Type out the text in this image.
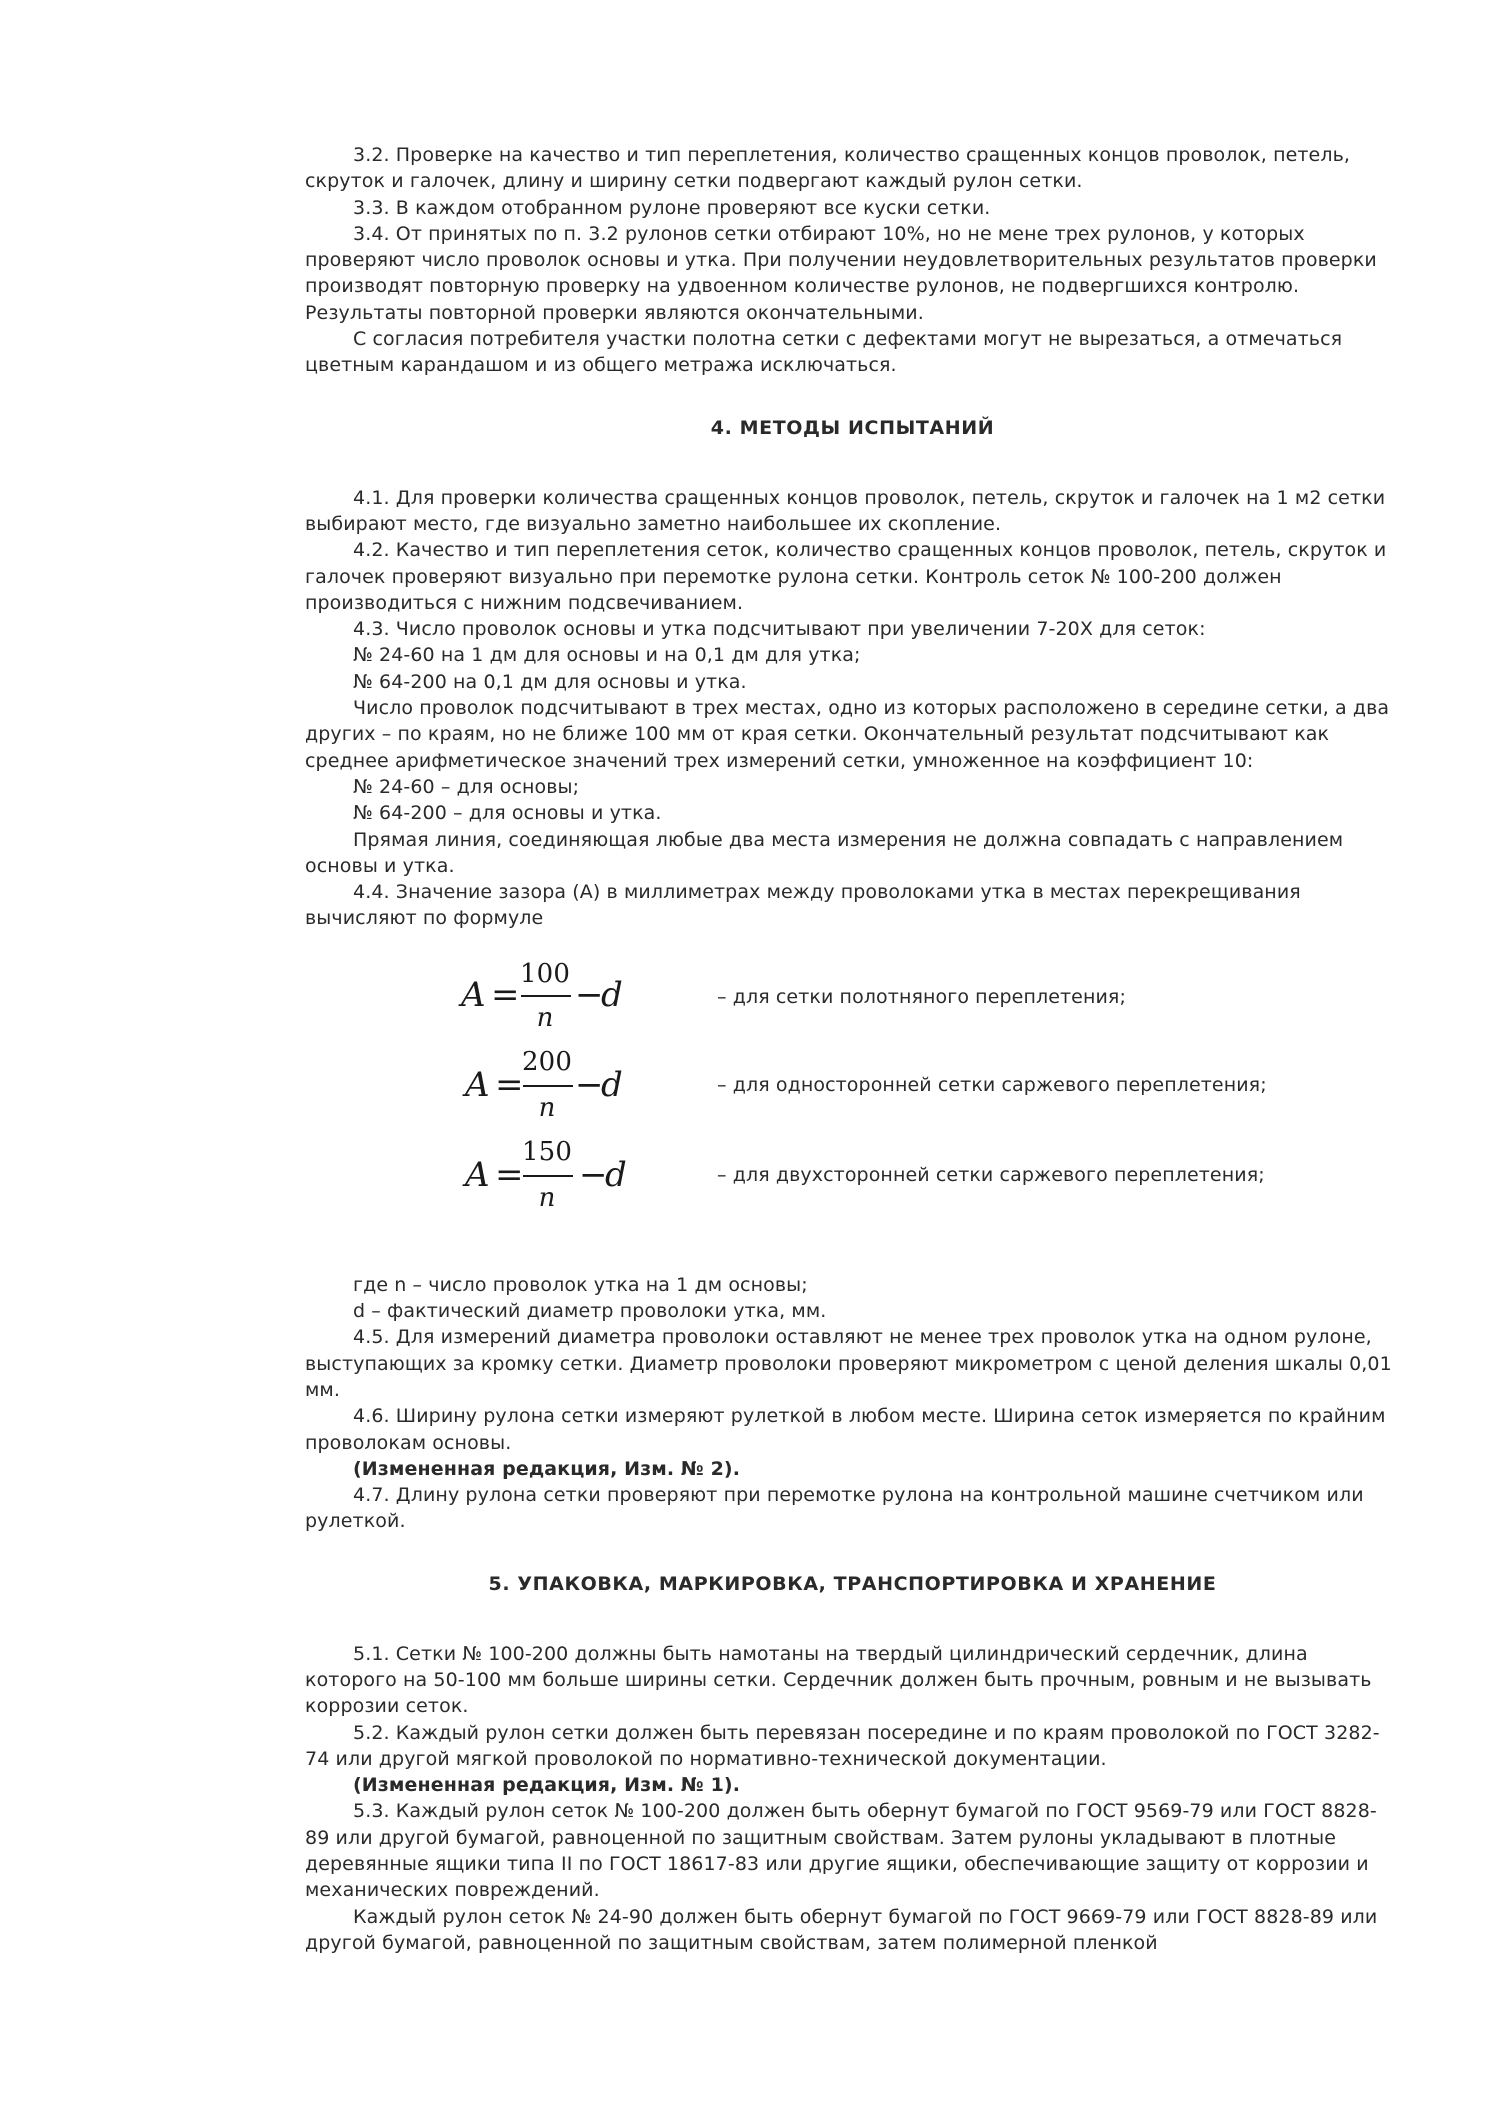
3.2. Проверке на качество и тип переплетения, количество сращенных концов проволок, петель, скруток и галочек, длину и ширину сетки подвергают каждый рулон сетки.

3.3. В каждом отобранном рулоне проверяют все куски сетки.

3.4. От принятых по п. 3.2 рулонов сетки отбирают 10%, но не мене трех рулонов, у которых проверяют число проволок основы и утка. При получении неудовлетворительных результатов проверки производят повторную проверку на удвоенном количестве рулонов, не подвергшихся контролю. Результаты повторной проверки являются окончательными.

С согласия потребителя участки полотна сетки с дефектами могут не вырезаться, а отмечаться цветным карандашом и из общего метража исключаться.

4. МЕТОДЫ ИСПЫТАНИЙ

4.1. Для проверки количества сращенных концов проволок, петель, скруток и галочек на 1 м2 сетки выбирают место, где визуально заметно наибольшее их скопление.

4.2. Качество и тип переплетения сеток, количество сращенных концов проволок, петель, скруток и галочек проверяют визуально при перемотке рулона сетки. Контроль сеток № 100-200 должен производиться с нижним подсвечиванием.

4.3. Число проволок основы и утка подсчитывают при увеличении 7-20Х для сеток:

№ 24-60 на 1 дм для основы и на 0,1 дм для утка;

№ 64-200 на 0,1 дм для основы и утка.

Число проволок подсчитывают в трех местах, одно из которых расположено в середине сетки, а два других – по краям, но не ближе 100 мм от края сетки. Окончательный результат подсчитывают как среднее арифметическое значений трех измерений сетки, умноженное на коэффициент 10:

№ 24-60 – для основы;

№ 64-200 – для основы и утка.

Прямая линия, соединяющая любые два места измерения не должна совпадать с направлением основы и утка.

4.4. Значение зазора (А) в миллиметрах между проволоками утка в местах перекрещивания вычисляют по формуле

A =
100
n
−
d	– для сетки полотняного переплетения;
A =
200
n
−
d	– для односторонней сетки саржевого переплетения;
A =
150
n
−
d	– для двухсторонней сетки саржевого переплетения;

где n – число проволок утка на 1 дм основы;

d – фактический диаметр проволоки утка, мм.

4.5. Для измерений диаметра проволоки оставляют не менее трех проволок утка на одном рулоне, выступающих за кромку сетки. Диаметр проволоки проверяют микрометром с ценой деления шкалы 0,01 мм.

4.6. Ширину рулона сетки измеряют рулеткой в любом месте. Ширина сеток измеряется по крайним проволокам основы.

(Измененная редакция, Изм. № 2).

4.7. Длину рулона сетки проверяют при перемотке рулона на контрольной машине счетчиком или рулеткой.

5. УПАКОВКА, МАРКИРОВКА, ТРАНСПОРТИРОВКА И ХРАНЕНИЕ

5.1. Сетки № 100-200 должны быть намотаны на твердый цилиндрический сердечник, длина которого на 50-100 мм больше ширины сетки. Сердечник должен быть прочным, ровным и не вызывать коррозии сеток.

5.2. Каждый рулон сетки должен быть перевязан посередине и по краям проволокой по ГОСТ 3282-74 или другой мягкой проволокой по нормативно-технической документации.

(Измененная редакция, Изм. № 1).

5.3. Каждый рулон сеток № 100-200 должен быть обернут бумагой по ГОСТ 9569-79 или ГОСТ 8828-89 или другой бумагой, равноценной по защитным свойствам. Затем рулоны укладывают в плотные деревянные ящики типа II по ГОСТ 18617-83 или другие ящики, обеспечивающие защиту от коррозии и механических повреждений.

Каждый рулон сеток № 24-90 должен быть обернут бумагой по ГОСТ 9669-79 или ГОСТ 8828-89 или другой бумагой, равноценной по защитным свойствам, затем полимерной пленкой
